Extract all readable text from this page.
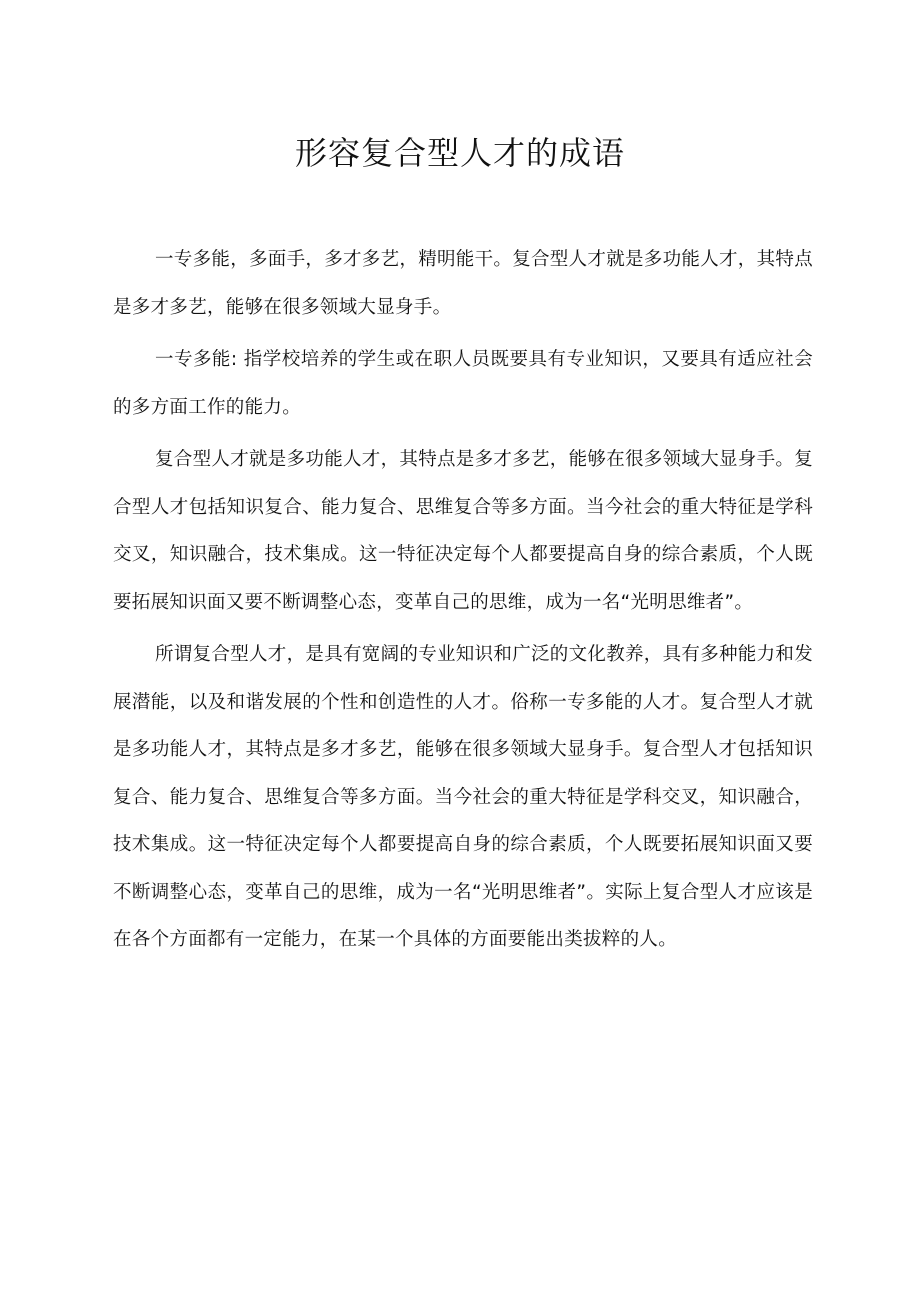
形容复合型人才的成语

一专多能，多面手，多才多艺，精明能干。复合型人才就是多功能人才，其特点是多才多艺，能够在很多领域大显身手。

一专多能: 指学校培养的学生或在职人员既要具有专业知识，又要具有适应社会的多方面工作的能力。

复合型人才就是多功能人才，其特点是多才多艺，能够在很多领域大显身手。复合型人才包括知识复合、能力复合、思维复合等多方面。当今社会的重大特征是学科交叉，知识融合，技术集成。这一特征决定每个人都要提高自身的综合素质，个人既要拓展知识面又要不断调整心态，变革自己的思维，成为一名“光明思维者”。

所谓复合型人才，是具有宽阔的专业知识和广泛的文化教养，具有多种能力和发展潜能，以及和谐发展的个性和创造性的人才。俗称一专多能的人才。复合型人才就是多功能人才，其特点是多才多艺，能够在很多领域大显身手。复合型人才包括知识复合、能力复合、思维复合等多方面。当今社会的重大特征是学科交叉，知识融合，技术集成。这一特征决定每个人都要提高自身的综合素质，个人既要拓展知识面又要不断调整心态，变革自己的思维，成为一名“光明思维者”。实际上复合型人才应该是在各个方面都有一定能力，在某一个具体的方面要能出类拔粹的人。
